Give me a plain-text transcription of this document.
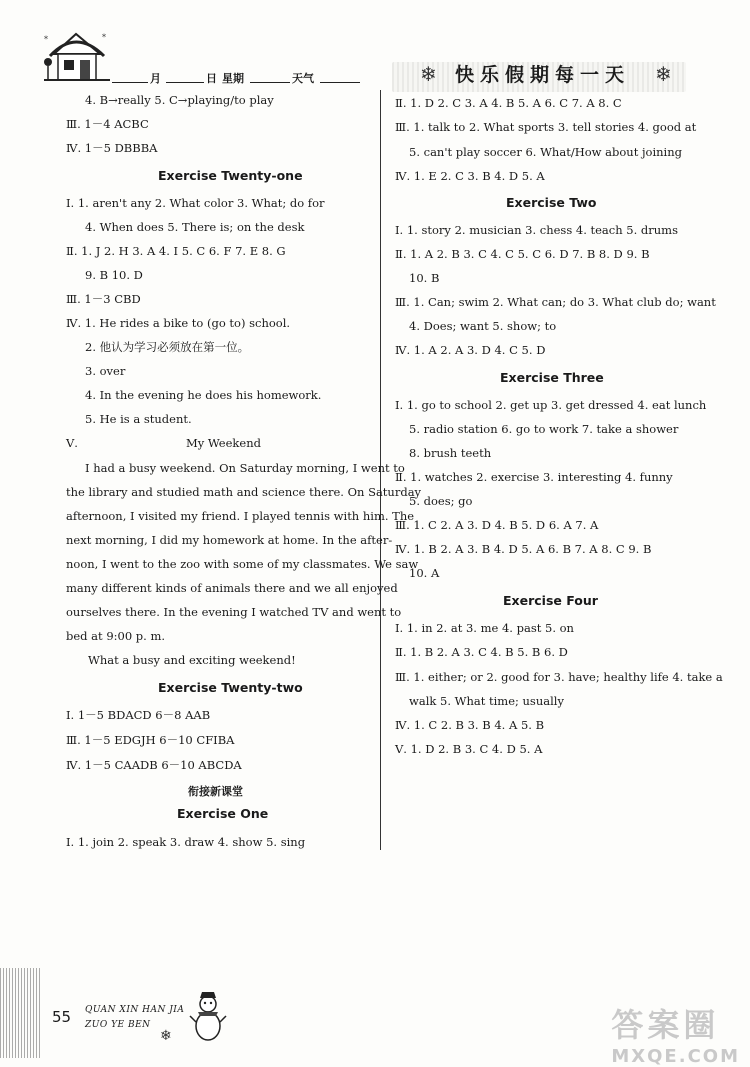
*
*
月	日 星期	天气	❄ 快乐假期每一天 ❄
4. B→really 5. C→playing/to play
Ⅲ. 1－4 ACBC
Ⅳ. 1－5 DBBBA
Exercise Twenty-one
Ⅰ. 1. aren't any 2. What color 3. What; do for
4. When does 5. There is; on the desk
Ⅱ. 1. J 2. H 3. A 4. I 5. C 6. F 7. E 8. G
9. B 10. D
Ⅲ. 1－3 CBD
Ⅳ. 1. He rides a bike to (go to) school.
2. 他认为学习必须放在第一位。
3. over
4. In the evening he does his homework.
5. He is a student.
Ⅴ.	My Weekend
I had a busy weekend. On Saturday morning, I went to
the library and studied math and science there. On Saturday
afternoon, I visited my friend. I played tennis with him. The
next morning, I did my homework at home. In the after-
noon, I went to the zoo with some of my classmates. We saw
many different kinds of animals there and we all enjoyed
ourselves there. In the evening I watched TV and went to
bed at 9:00 p. m.
What a busy and exciting weekend!
Exercise Twenty-two
Ⅰ. 1－5 BDACD 6－8 AAB
Ⅲ. 1－5 EDGJH 6－10 CFIBA
Ⅳ. 1－5 CAADB 6－10 ABCDA
衔接新课堂
Exercise One
Ⅰ. 1. join 2. speak 3. draw 4. show 5. sing
Ⅱ. 1. D 2. C 3. A 4. B 5. A 6. C 7. A 8. C
Ⅲ. 1. talk to 2. What sports 3. tell stories 4. good at
5. can't play soccer 6. What/How about joining
Ⅳ. 1. E 2. C 3. B 4. D 5. A
Exercise Two
Ⅰ. 1. story 2. musician 3. chess 4. teach 5. drums
Ⅱ. 1. A 2. B 3. C 4. C 5. C 6. D 7. B 8. D 9. B
10. B
Ⅲ. 1. Can; swim 2. What can; do 3. What club do; want
4. Does; want 5. show; to
Ⅳ. 1. A 2. A 3. D 4. C 5. D
Exercise Three
Ⅰ. 1. go to school 2. get up 3. get dressed 4. eat lunch
5. radio station 6. go to work 7. take a shower
8. brush teeth
Ⅱ. 1. watches 2. exercise 3. interesting 4. funny
5. does; go
Ⅲ. 1. C 2. A 3. D 4. B 5. D 6. A 7. A
Ⅳ. 1. B 2. A 3. B 4. D 5. A 6. B 7. A 8. C 9. B
10. A
Exercise Four
Ⅰ. 1. in 2. at 3. me 4. past 5. on
Ⅱ. 1. B 2. A 3. C 4. B 5. B 6. D
Ⅲ. 1. either; or 2. good for 3. have; healthy life 4. take a
walk 5. What time; usually
Ⅳ. 1. C 2. B 3. B 4. A 5. B
Ⅴ. 1. D 2. B 3. C 4. D 5. A
55 QUAN XIN HAN JIA
ZUO YE BEN
❄	答案圈
MXQE.COM
